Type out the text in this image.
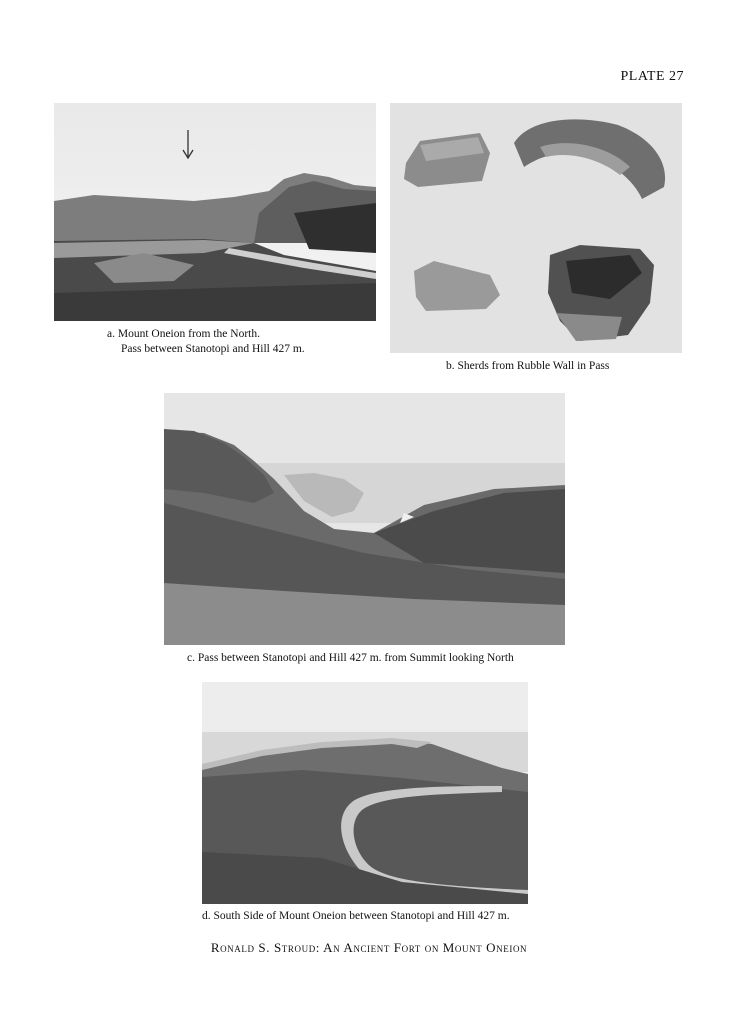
PLATE 27
a. Mount Oneion from the North.
Pass between Stanotopi and Hill 427 m.
b. Sherds from Rubble Wall in Pass
c. Pass between Stanotopi and Hill 427 m. from Summit looking North
d. South Side of Mount Oneion between Stanotopi and Hill 427 m.
Ronald S. Stroud: An Ancient Fort on Mount Oneion
